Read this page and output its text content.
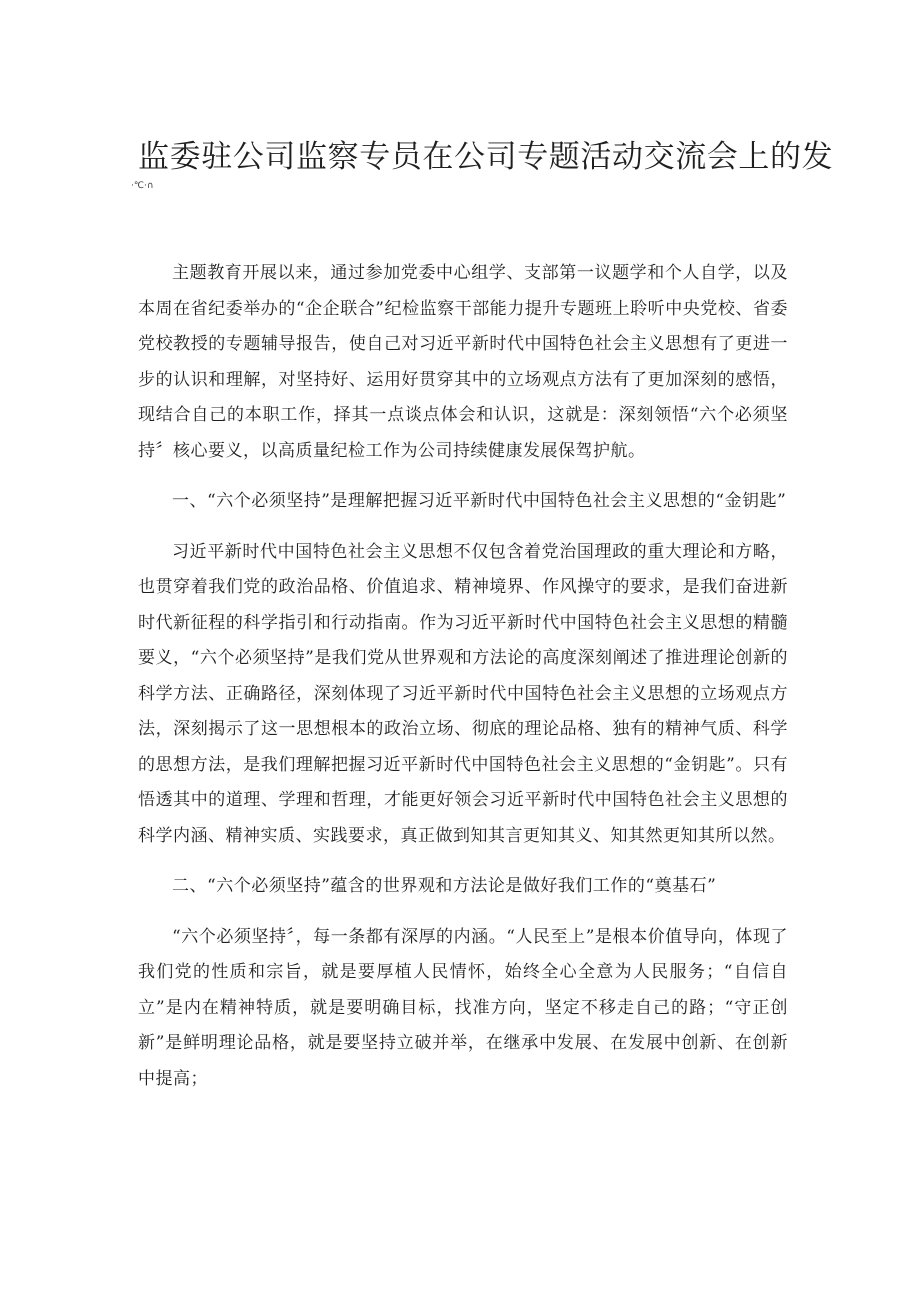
监委驻公司监察专员在公司专题活动交流会上的发
·℃·∩

主题教育开展以来，通过参加党委中心组学、支部第一议题学和个人自学，以及本周在省纪委举办的“企企联合”纪检监察干部能力提升专题班上聆听中央党校、省委党校教授的专题辅导报告，使自己对习近平新时代中国特色社会主义思想有了更进一步的认识和理解，对坚持好、运用好贯穿其中的立场观点方法有了更加深刻的感悟，现结合自己的本职工作，择其一点谈点体会和认识，这就是：深刻领悟“六个必须坚持〞核心要义，以高质量纪检工作为公司持续健康发展保驾护航。

一、“六个必须坚持”是理解把握习近平新时代中国特色社会主义思想的“金钥匙”

习近平新时代中国特色社会主义思想不仅包含着党治国理政的重大理论和方略，也贯穿着我们党的政治品格、价值追求、精神境界、作风操守的要求，是我们奋进新时代新征程的科学指引和行动指南。作为习近平新时代中国特色社会主义思想的精髓要义，“六个必须坚持”是我们党从世界观和方法论的高度深刻阐述了推进理论创新的科学方法、正确路径，深刻体现了习近平新时代中国特色社会主义思想的立场观点方法，深刻揭示了这一思想根本的政治立场、彻底的理论品格、独有的精神气质、科学的思想方法，是我们理解把握习近平新时代中国特色社会主义思想的“金钥匙”。只有悟透其中的道理、学理和哲理，才能更好领会习近平新时代中国特色社会主义思想的科学内涵、精神实质、实践要求，真正做到知其言更知其义、知其然更知其所以然。

二、“六个必须坚持”蕴含的世界观和方法论是做好我们工作的“奠基石”

“六个必须坚持〞，每一条都有深厚的内涵。“人民至上”是根本价值导向，体现了我们党的性质和宗旨，就是要厚植人民情怀，始终全心全意为人民服务；“自信自立”是内在精神特质，就是要明确目标，找准方向，坚定不移走自己的路；“守正创新”是鲜明理论品格，就是要坚持立破并举，在继承中发展、在发展中创新、在创新中提高；
